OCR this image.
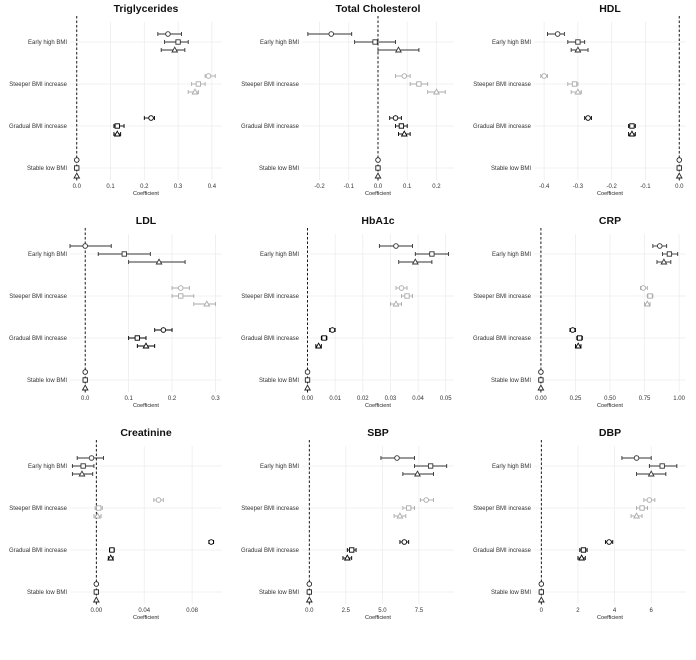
Triglycerides
0.0	0.1	0.2	0.3	0.4
Early high BMI
Steeper BMI increase
Gradual BMI increase
Stable low BMI
Coefficient
Total Cholesterol
-0.2	-0.1	0.0	0.1	0.2
Early high BMI
Steeper BMI increase
Gradual BMI increase
Stable low BMI
Coefficient
HDL
-0.4	-0.3	-0.2	-0.1	0.0
Early high BMI
Steeper BMI increase
Gradual BMI increase
Stable low BMI
Coefficient
LDL
0.0	0.1	0.2	0.3
Early high BMI
Steeper BMI increase
Gradual BMI increase
Stable low BMI
Coefficient
HbA1c
0.00	0.01	0.02	0.03	0.04	0.05
Early high BMI
Steeper BMI increase
Gradual BMI increase
Stable low BMI
Coefficient
CRP
0.00	0.25	0.50	0.75	1.00
Early high BMI
Steeper BMI increase
Gradual BMI increase
Stable low BMI
Coefficient
Creatinine
0.00	0.04	0.08
Early high BMI
Steeper BMI increase
Gradual BMI increase
Stable low BMI
Coefficient
SBP
0.0	2.5	5.0	7.5
Early high BMI
Steeper BMI increase
Gradual BMI increase
Stable low BMI
Coefficient
DBP
0	2	4	6
Early high BMI
Steeper BMI increase
Gradual BMI increase
Stable low BMI
Coefficient
